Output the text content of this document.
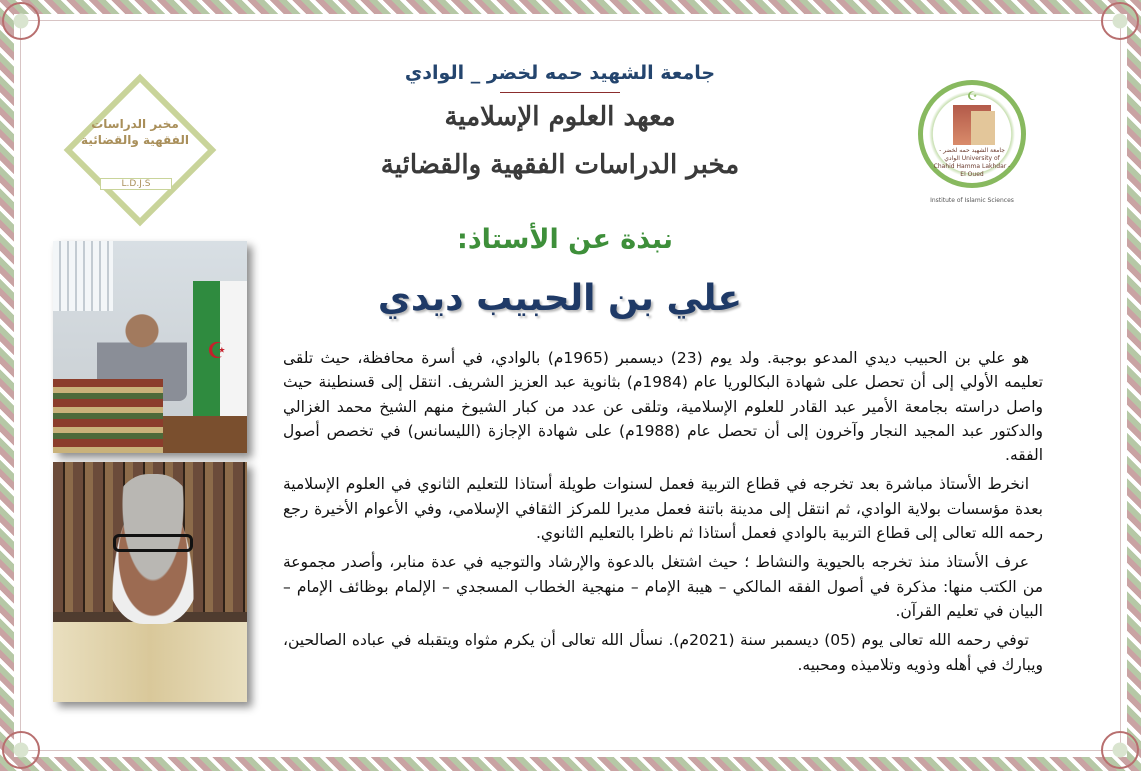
جامعة الشهيد حمه لخضر _ الوادي
معهد العلوم الإسلامية
مخبر الدراسات الفقهية والقضائية
مخبر الدراسات
الفقهية والقضائية
L.D.J.S
☪
جامعة الشهيد حمه لخضر - الوادي University of Chahid Hamma Lakhdar - El Oued
Institute of Islamic Sciences
نبذة عن الأستاذ:
علي بن الحبيب ديدي
☪

هو علي بن الحبيب ديدي المدعو بوجبة. ولد يوم (23) ديسمبر (1965م) بالوادي، في أسرة محافظة، حيث تلقى تعليمه الأولي إلى أن تحصل على شهادة البكالوريا عام (1984م) بثانوية عبد العزيز الشريف. انتقل إلى قسنطينة حيث واصل دراسته بجامعة الأمير عبد القادر للعلوم الإسلامية، وتلقى عن عدد من كبار الشيوخ منهم الشيخ محمد الغزالي والدكتور عبد المجيد النجار وآخرون إلى أن تحصل عام (1988م) على شهادة الإجازة (الليسانس) في تخصص أصول الفقه.

انخرط الأستاذ مباشرة بعد تخرجه في قطاع التربية فعمل لسنوات طويلة أستاذا للتعليم الثانوي في العلوم الإسلامية بعدة مؤسسات بولاية الوادي، ثم انتقل إلى مدينة باتنة فعمل مديرا للمركز الثقافي الإسلامي، وفي الأعوام الأخيرة رجع رحمه الله تعالى إلى قطاع التربية بالوادي فعمل أستاذا ثم ناظرا بالتعليم الثانوي.

عرف الأستاذ منذ تخرجه بالحيوية والنشاط ؛ حيث اشتغل بالدعوة والإرشاد والتوجيه في عدة منابر، وأصدر مجموعة من الكتب منها: مذكرة في أصول الفقه المالكي – هيبة الإمام – منهجية الخطاب المسجدي – الإلمام بوظائف الإمام – البيان في تعليم القرآن.

توفي رحمه الله تعالى يوم (05) ديسمبر سنة (2021م). نسأل الله تعالى أن يكرم مثواه ويتقبله في عباده الصالحين، ويبارك في أهله وذويه وتلاميذه ومحبيه.
